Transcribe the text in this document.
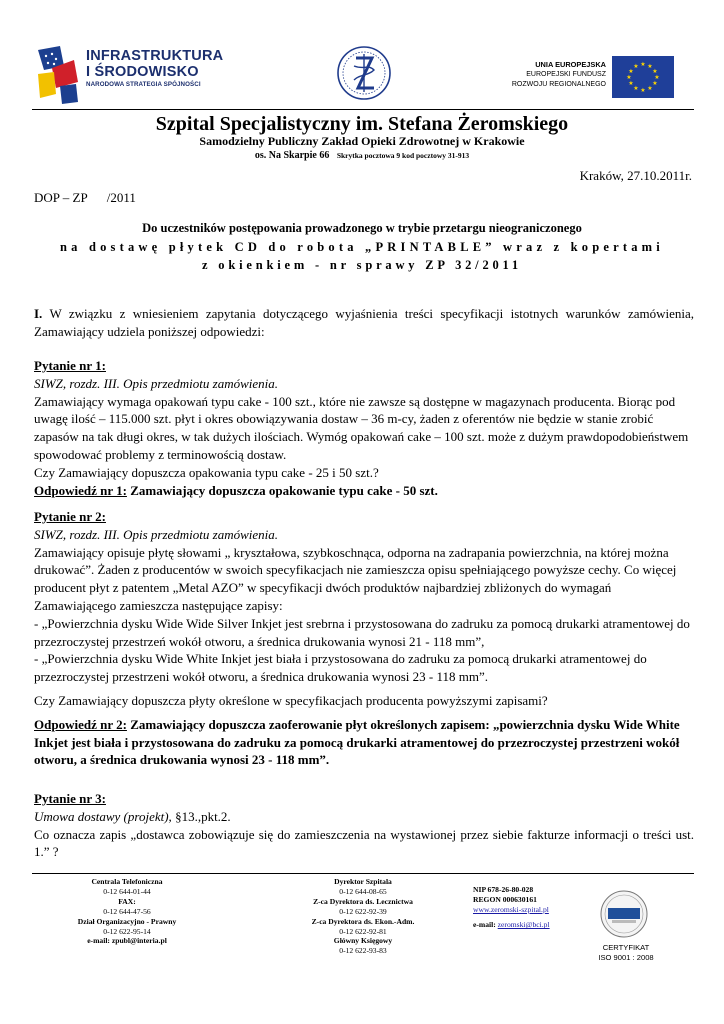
INFRASTRUKTURA
I ŚRODOWISKO
NARODOWA STRATEGIA SPÓJNOŚCI
UNIA EUROPEJSKA
EUROPEJSKI FUNDUSZ
ROZWOJU REGIONALNEGO
★ ★
★
★
★
★
★
★
★
★
★
★
Szpital Specjalistyczny im. Stefana Żeromskiego
Samodzielny Publiczny Zakład Opieki Zdrowotnej w Krakowie
os. Na Skarpie 66 Skrytka pocztowa 9 kod pocztowy 31-913
Kraków, 27.10.2011r.
DOP – ZP      /2011
Do uczestników postępowania prowadzonego w trybie przetargu nieograniczonego
na dostawę płytek CD do robota „PRINTABLE” wraz z kopertami
z okienkiem - nr sprawy ZP 32/2011
I. W związku z wniesieniem zapytania dotyczącego wyjaśnienia treści specyfikacji istotnych warunków zamówienia, Zamawiający udziela poniższej odpowiedzi:
Pytanie nr 1:
SIWZ, rozdz. III. Opis przedmiotu zamówienia.
Zamawiający wymaga opakowań typu cake - 100 szt., które nie zawsze są dostępne w magazynach producenta. Biorąc pod uwagę ilość – 115.000 szt. płyt i okres obowiązywania dostaw – 36 m-cy, żaden z oferentów nie będzie w stanie zrobić zapasów na tak długi okres, w tak dużych ilościach. Wymóg opakowań cake – 100 szt. może z dużym prawdopodobieństwem spowodować problemy z terminowością dostaw.
Czy Zamawiający dopuszcza opakowania typu cake - 25 i 50 szt.?
Odpowiedź nr 1: Zamawiający dopuszcza opakowanie typu cake - 50 szt.
Pytanie nr 2:
SIWZ, rozdz. III. Opis przedmiotu zamówienia.
Zamawiający opisuje płytę słowami „ kryształowa, szybkoschnąca, odporna na zadrapania powierzchnia, na której można drukować”. Żaden z producentów w swoich specyfikacjach nie zamieszcza opisu spełniającego powyższe cechy. Co więcej producent płyt z patentem „Metal AZO” w specyfikacji dwóch produktów najbardziej zbliżonych do wymagań Zamawiającego zamieszcza następujące zapisy:
- „Powierzchnia dysku Wide Wide Silver Inkjet jest srebrna i przystosowana do zadruku za pomocą drukarki atramentowej do przezroczystej przestrzeń wokół otworu, a średnica drukowania wynosi 21 - 118 mm”,
- „Powierzchnia dysku Wide White Inkjet jest biała i przystosowana do zadruku za pomocą drukarki atramentowej do przezroczystej przestrzeni wokół otworu, a średnica drukowania wynosi 23 - 118 mm”.
Czy Zamawiający dopuszcza płyty określone w specyfikacjach producenta powyższymi zapisami?
Odpowiedź nr 2: Zamawiający dopuszcza zaoferowanie płyt określonych zapisem: „powierzchnia dysku Wide White Inkjet jest biała i przystosowana do zadruku za pomocą drukarki atramentowej do przezroczystej przestrzeni wokół otworu, a średnica drukowania wynosi 23 - 118 mm”.
Pytanie nr 3:
Umowa dostawy (projekt), §13.,pkt.2.
Co oznacza zapis „dostawca zobowiązuje się do zamieszczenia na wystawionej przez siebie fakturze informacji o treści ust. 1.” ?
Centrala Telefoniczna
0-12 644-01-44
FAX:
0-12 644-47-56
Dział Organizacyjno - Prawny
0-12 622-95-14
e-mail: zpubl@interia.pl
Dyrektor Szpitala
0-12 644-08-65
Z-ca Dyrektora ds. Lecznictwa
0-12 622-92-39
Z-ca Dyrektora ds. Ekon.-Adm.
0-12 622-92-81
Główny Księgowy
0-12 622-93-83
NIP 678-26-80-028
REGON 000630161
www.zeromski-szpital.pl
e-mail: zeromski@bci.pl
CERTYFIKAT
ISO 9001 : 2008
